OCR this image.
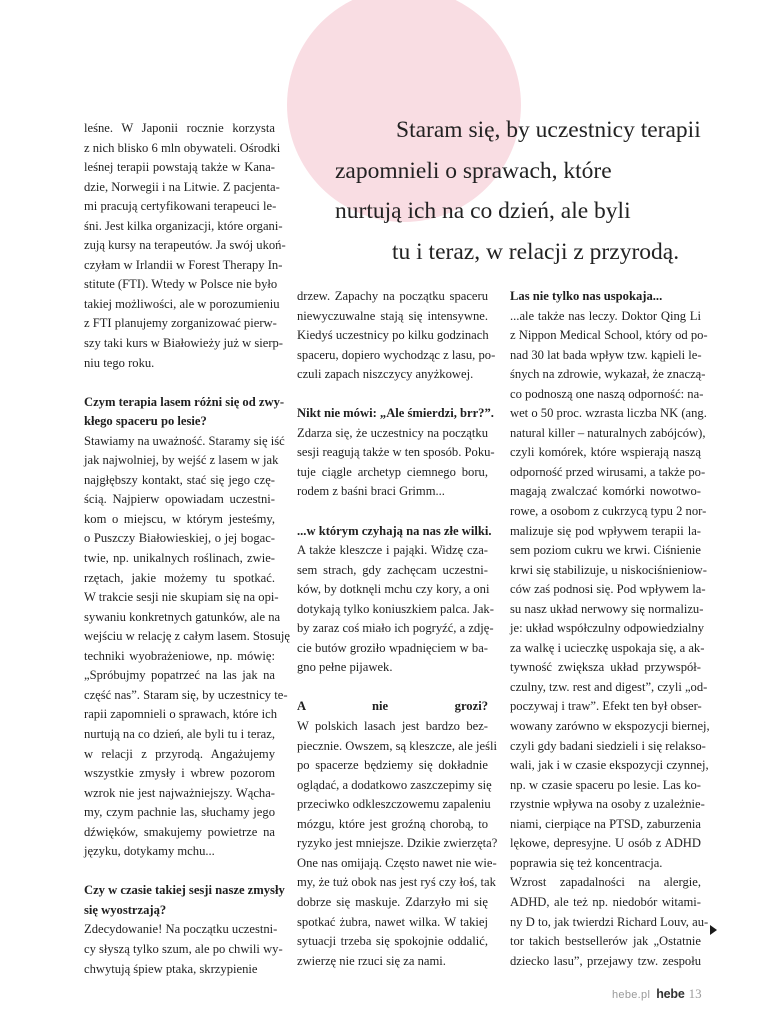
Staram się, by uczestnicy terapii
zapomnieli o sprawach, które
nurtują ich na co dzień, ale byli
tu i teraz, w relacji z przyrodą.
leśne. W Japonii rocznie korzysta
z nich blisko 6 mln obywateli. Ośrodki
leśnej terapii powstają także w Kana-
dzie, Norwegii i na Litwie. Z pacjenta-
mi pracują certyfikowani terapeuci le-
śni. Jest kilka organizacji, które organi-
zują kursy na terapeutów. Ja swój ukoń-
czyłam w Irlandii w Forest Therapy In-
stitute (FTI). Wtedy w Polsce nie było
takiej możliwości, ale w porozumieniu
z FTI planujemy zorganizować pierw-
szy taki kurs w Białowieży już w sierp-
niu tego roku.
Czym terapia lasem różni się od zwy-
kłego spaceru po lesie?
Stawiamy na uważność. Staramy się iść
jak najwolniej, by wejść z lasem w jak
najgłębszy kontakt, stać się jego czę-
ścią. Najpierw opowiadam uczestni-
kom o miejscu, w którym jesteśmy,
o Puszczy Białowieskiej, o jej bogac-
twie, np. unikalnych roślinach, zwie-
rzętach, jakie możemy tu spotkać.
W trakcie sesji nie skupiam się na opi-
sywaniu konkretnych gatunków, ale na
wejściu w relację z całym lasem. Stosuję
techniki wyobrażeniowe, np. mówię:
„Spróbujmy popatrzeć na las jak na
część nas”. Staram się, by uczestnicy te-
rapii zapomnieli o sprawach, które ich
nurtują na co dzień, ale byli tu i teraz,
w relacji z przyrodą. Angażujemy
wszystkie zmysły i wbrew pozorom
wzrok nie jest najważniejszy. Wącha-
my, czym pachnie las, słuchamy jego
dźwięków, smakujemy powietrze na
języku, dotykamy mchu...
Czy w czasie takiej sesji nasze zmysły
się wyostrzają?
Zdecydowanie! Na początku uczestni-
cy słyszą tylko szum, ale po chwili wy-
chwytują śpiew ptaka, skrzypienie
drzew. Zapachy na początku spaceru
niewyczuwalne stają się intensywne.
Kiedyś uczestnicy po kilku godzinach
spaceru, dopiero wychodząc z lasu, po-
czuli zapach niszczycy anyżkowej.
Nikt nie mówi: „Ale śmierdzi, brr?”.
Zdarza się, że uczestnicy na początku
sesji reagują także w ten sposób. Poku-
tuje ciągle archetyp ciemnego boru,
rodem z baśni braci Grimm...
...w którym czyhają na nas złe wilki.
A także kleszcze i pająki. Widzę cza-
sem strach, gdy zachęcam uczestni-
ków, by dotknęli mchu czy kory, a oni
dotykają tylko koniuszkiem palca. Jak-
by zaraz coś miało ich pogryźć, a zdję-
cie butów groziło wpadnięciem w ba-
gno pełne pijawek.
A nie grozi?
W polskich lasach jest bardzo bez-
piecznie. Owszem, są kleszcze, ale jeśli
po spacerze będziemy się dokładnie
oglądać, a dodatkowo zaszczepimy się
przeciwko odkleszczowemu zapaleniu
mózgu, które jest groźną chorobą, to
ryzyko jest mniejsze. Dzikie zwierzęta?
One nas omijają. Często nawet nie wie-
my, że tuż obok nas jest ryś czy łoś, tak
dobrze się maskuje. Zdarzyło mi się
spotkać żubra, nawet wilka. W takiej
sytuacji trzeba się spokojnie oddalić,
zwierzę nie rzuci się za nami.
Las nie tylko nas uspokaja...
...ale także nas leczy. Doktor Qing Li
z Nippon Medical School, który od po-
nad 30 lat bada wpływ tzw. kąpieli le-
śnych na zdrowie, wykazał, że znaczą-
co podnoszą one naszą odporność: na-
wet o 50 proc. wzrasta liczba NK (ang.
natural killer – naturalnych zabójców),
czyli komórek, które wspierają naszą
odporność przed wirusami, a także po-
magają zwalczać komórki nowotwo-
rowe, a osobom z cukrzycą typu 2 nor-
malizuje się pod wpływem terapii la-
sem poziom cukru we krwi. Ciśnienie
krwi się stabilizuje, u niskociśnieniow-
ców zaś podnosi się. Pod wpływem la-
su nasz układ nerwowy się normalizu-
je: układ współczulny odpowiedzialny
za walkę i ucieczkę uspokaja się, a ak-
tywność zwiększa układ przywspół-
czulny, tzw. rest and digest”, czyli „od-
poczywaj i traw”. Efekt ten był obser-
wowany zarówno w ekspozycji biernej,
czyli gdy badani siedzieli i się relakso-
wali, jak i w czasie ekspozycji czynnej,
np. w czasie spaceru po lesie. Las ko-
rzystnie wpływa na osoby z uzależnie-
niami, cierpiące na PTSD, zaburzenia
lękowe, depresyjne. U osób z ADHD
poprawia się też koncentracja.
Wzrost zapadalności na alergie,
ADHD, ale też np. niedobór witami-
ny D to, jak twierdzi Richard Louv, au-
tor takich bestsellerów jak „Ostatnie
dziecko lasu”, przejawy tzw. zespołu
hebe.pl hebe 13
